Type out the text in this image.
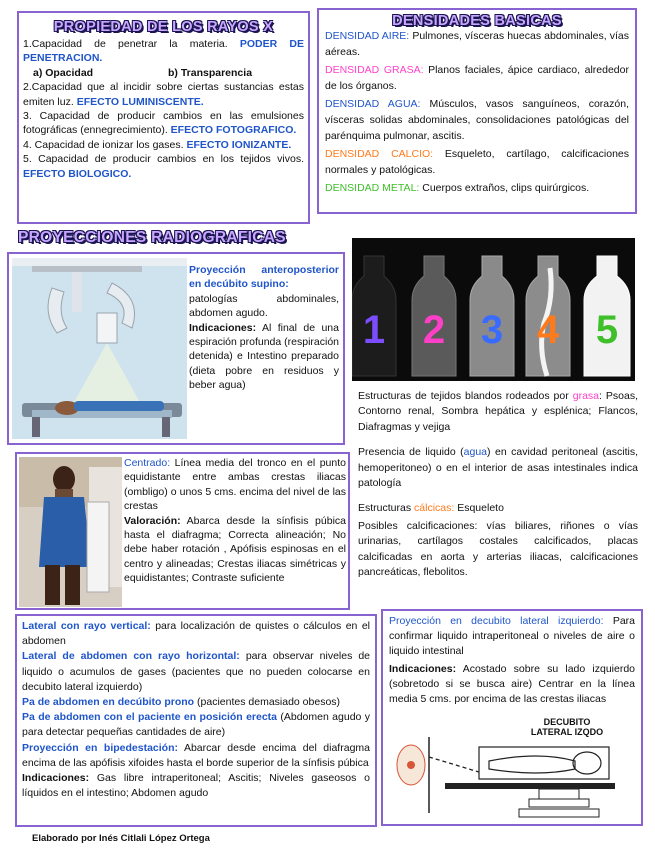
PROPIEDAD DE LOS RAYOS X

1.Capacidad de penetrar la materia. PODER DE PENETRACION.

a) Opacidad	b) Transparencia

2.Capacidad que al incidir sobre ciertas sustancias estas emiten luz. EFECTO LUMINISCENTE.

3. Capacidad de producir cambios en las emulsiones fotográficas (ennegrecimiento). EFECTO FOTOGRAFICO.

4. Capacidad de ionizar los gases. EFECTO IONIZANTE.

5. Capacidad de producir cambios en los tejidos vivos. EFECTO BIOLOGICO.

DENSIDADES BASICAS

DENSIDAD AIRE: Pulmones, vísceras huecas abdominales, vías aéreas.

DENSIDAD GRASA: Planos faciales, ápice cardiaco, alrededor de los órganos.

DENSIDAD AGUA: Músculos, vasos sanguíneos, corazón, vísceras solidas abdominales, consolidaciones patológicas del parénquima pulmonar, ascitis.

DENSIDAD CALCIO: Esqueleto, cartílago, calcificaciones normales y patológicas.

DENSIDAD METAL: Cuerpos extraños, clips quirúrgicos.

PROYECCIONES RADIOGRAFICAS

Proyección anteroposterior en decúbito supino:

patologías abdominales, abdomen agudo.

Indicaciones: Al final de una espiración profunda (respiración detenida) e Intestino preparado (dieta pobre en residuos y beber agua)

1 2 3 4 5

Estructuras de tejidos blandos rodeados por grasa: Psoas, Contorno renal, Sombra hepática y esplénica; Flancos, Diafragmas y vejiga

Presencia de liquido (agua) en cavidad peritoneal (ascitis, hemoperitoneo) o en el interior de asas intestinales indica patología

Estructuras cálcicas: Esqueleto

Posibles calcificaciones: vías biliares, riñones o vías urinarias, cartílagos costales calcificados, placas calcificadas en aorta y arterias iliacas, calcificaciones pancreáticas, flebolitos.

Centrado: Línea media del tronco en el punto equidistante entre ambas crestas iliacas (ombligo) o unos 5 cms. encima del nivel de las crestas

Valoración: Abarca desde la sínfisis púbica hasta el diafragma; Correcta alineación; No debe haber rotación , Apófisis espinosas en el centro y alineadas; Crestas iliacas simétricas y equidistantes; Contraste suficiente

Lateral con rayo vertical: para localización de quistes o cálculos en el abdomen

Lateral de abdomen con rayo horizontal: para observar niveles de liquido o acumulos de gases (pacientes que no pueden colocarse en decubito lateral izquierdo)

Pa de abdomen en decúbito prono (pacientes demasiado obesos)

Pa de abdomen con el paciente en posición erecta (Abdomen agudo y para detectar pequeñas cantidades de aire)

Proyección en bipedestación: Abarcar desde encima del diafragma encima de las apófisis xifoides hasta el borde superior de la sínfisis púbica

Indicaciones: Gas libre intraperitoneal; Ascitis; Niveles gaseosos o líquidos en el intestino; Abdomen agudo

Proyección en decubito lateral izquierdo: Para confirmar liquido intraperitoneal o niveles de aire o liquido intestinal

Indicaciones: Acostado sobre su lado izquierdo (sobretodo si se busca aire) Centrar en la línea media 5 cms. por encima de las crestas iliacas

DECUBITO
LATERAL IZQDO
Elaborado por Inés Citlali López Ortega
